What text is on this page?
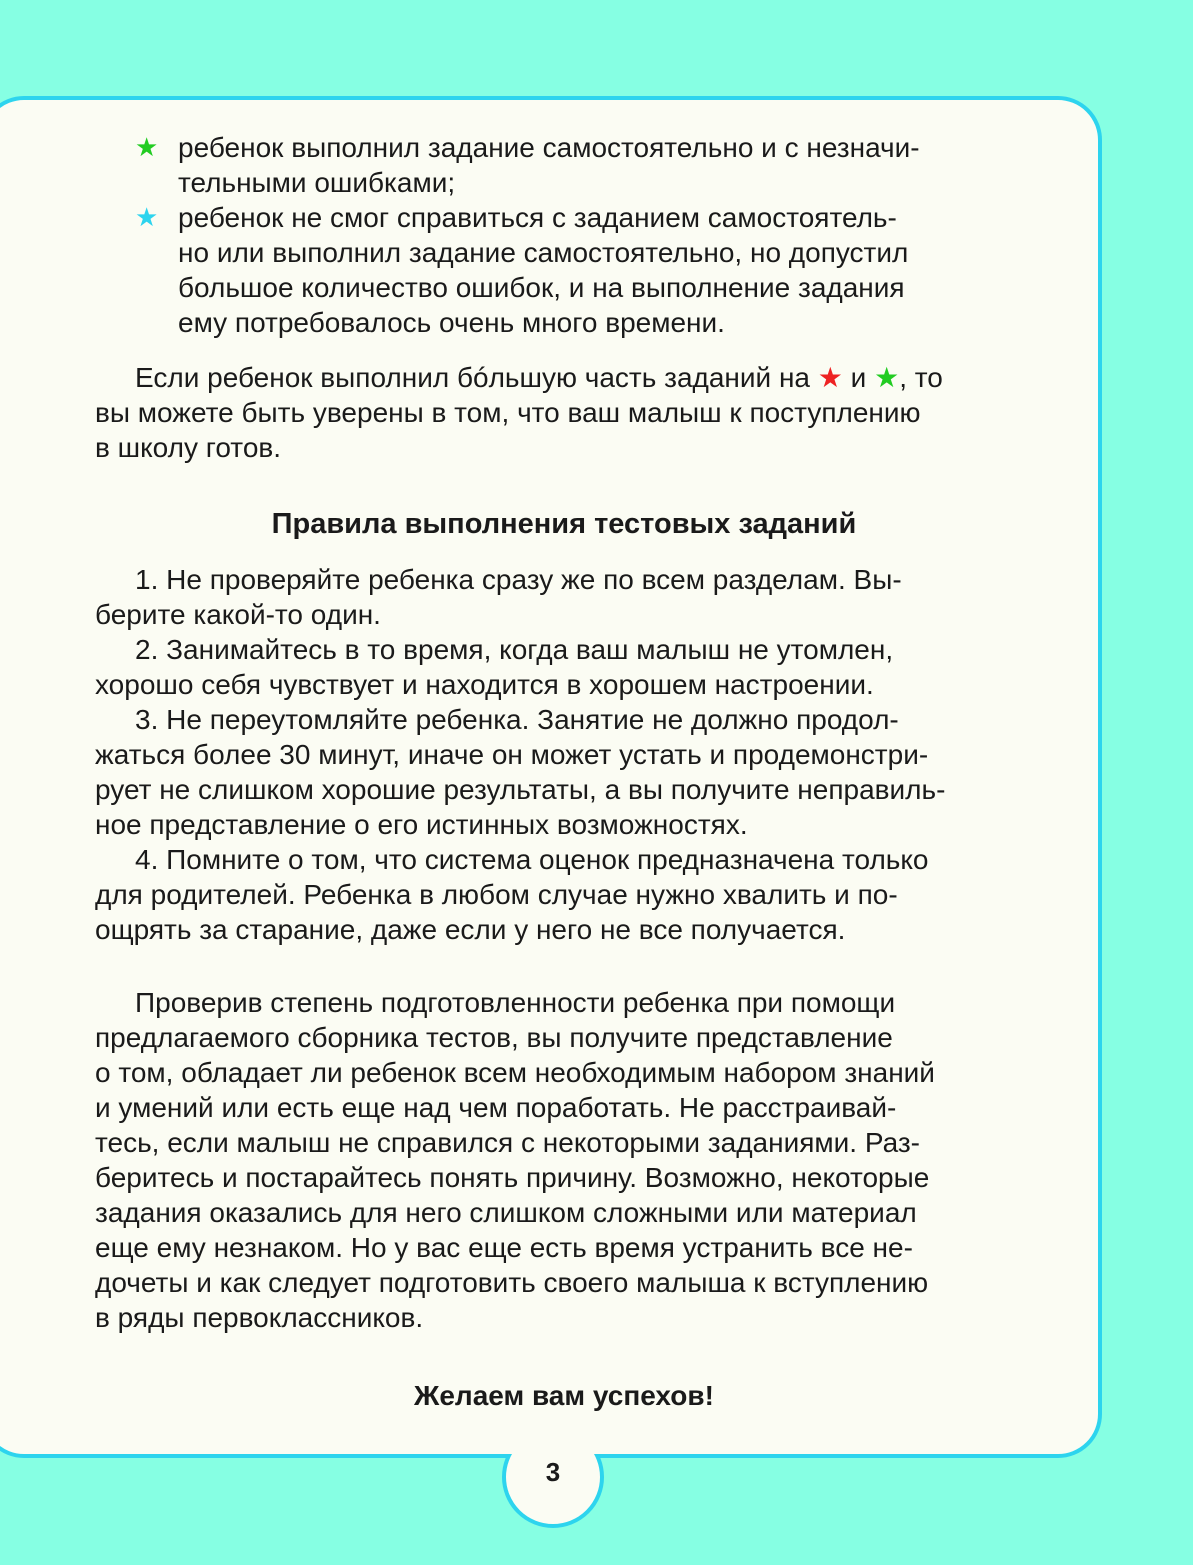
★ ребенок выполнил задание самостоятельно и с незначи-
тельными ошибками;
★ ребенок не смог справиться с заданием самостоятель-
но или выполнил задание самостоятельно, но допустил
большое количество ошибок, и на выполнение задания
ему потребовалось очень много времени.
Если ребенок выполнил бóльшую часть заданий на ★ и ★, то
вы можете быть уверены в том, что ваш малыш к поступлению
в школу готов.
Правила выполнения тестовых заданий
1. Не проверяйте ребенка сразу же по всем разделам. Вы-
берите какой-то один.
2. Занимайтесь в то время, когда ваш малыш не утомлен,
хорошо себя чувствует и находится в хорошем настроении.
3. Не переутомляйте ребенка. Занятие не должно продол-
жаться более 30 минут, иначе он может устать и продемонстри-
рует не слишком хорошие результаты, а вы получите неправиль-
ное представление о его истинных возможностях.
4. Помните о том, что система оценок предназначена только
для родителей. Ребенка в любом случае нужно хвалить и по-
ощрять за старание, даже если у него не все получается.
Проверив степень подготовленности ребенка при помощи
предлагаемого сборника тестов, вы получите представление
о том, обладает ли ребенок всем необходимым набором знаний
и умений или есть еще над чем поработать. Не расстраивай-
тесь, если малыш не справился с некоторыми заданиями. Раз-
беритесь и постарайтесь понять причину. Возможно, некоторые
задания оказались для него слишком сложными или материал
еще ему незнаком. Но у вас еще есть время устранить все не-
дочеты и как следует подготовить своего малыша к вступлению
в ряды первоклассников.
Желаем вам успехов!
3
